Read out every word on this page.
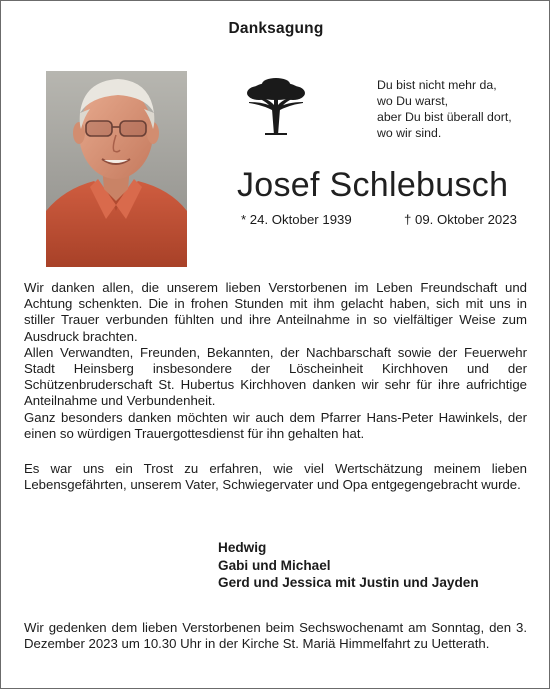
Danksagung
Du bist nicht mehr da,
wo Du warst,
aber Du bist überall dort,
wo wir sind.
Josef Schlebusch
* 24. Oktober 1939	† 09. Oktober 2023

Wir danken allen, die unserem lieben Verstorbenen im Leben Freundschaft und Achtung schenkten. Die in frohen Stunden mit ihm gelacht haben, sich mit uns in stiller Trauer verbunden fühlten und ihre Anteilnahme in so vielfältiger Weise zum Ausdruck brachten.

Allen Verwandten, Freunden, Bekannten, der Nachbarschaft sowie der Feuerwehr Stadt Heinsberg insbesondere der Löscheinheit Kirchhoven und der Schützenbruderschaft St. Hubertus Kirchhoven danken wir sehr für ihre aufrichtige Anteilnahme und Verbundenheit.

Ganz besonders danken möchten wir auch dem Pfarrer Hans-Peter Hawinkels, der einen so würdigen Trauergottesdienst für ihn gehalten hat.

Es war uns ein Trost zu erfahren, wie viel Wertschätzung meinem lieben Lebensgefährten, unserem Vater, Schwiegervater und Opa entgegengebracht wurde.

Hedwig
Gabi und Michael
Gerd und Jessica mit Justin und Jayden

Wir gedenken dem lieben Verstorbenen beim Sechswochenamt am Sonntag, den 3. Dezember 2023 um 10.30 Uhr in der Kirche St. Mariä Himmelfahrt zu Uetterath.
